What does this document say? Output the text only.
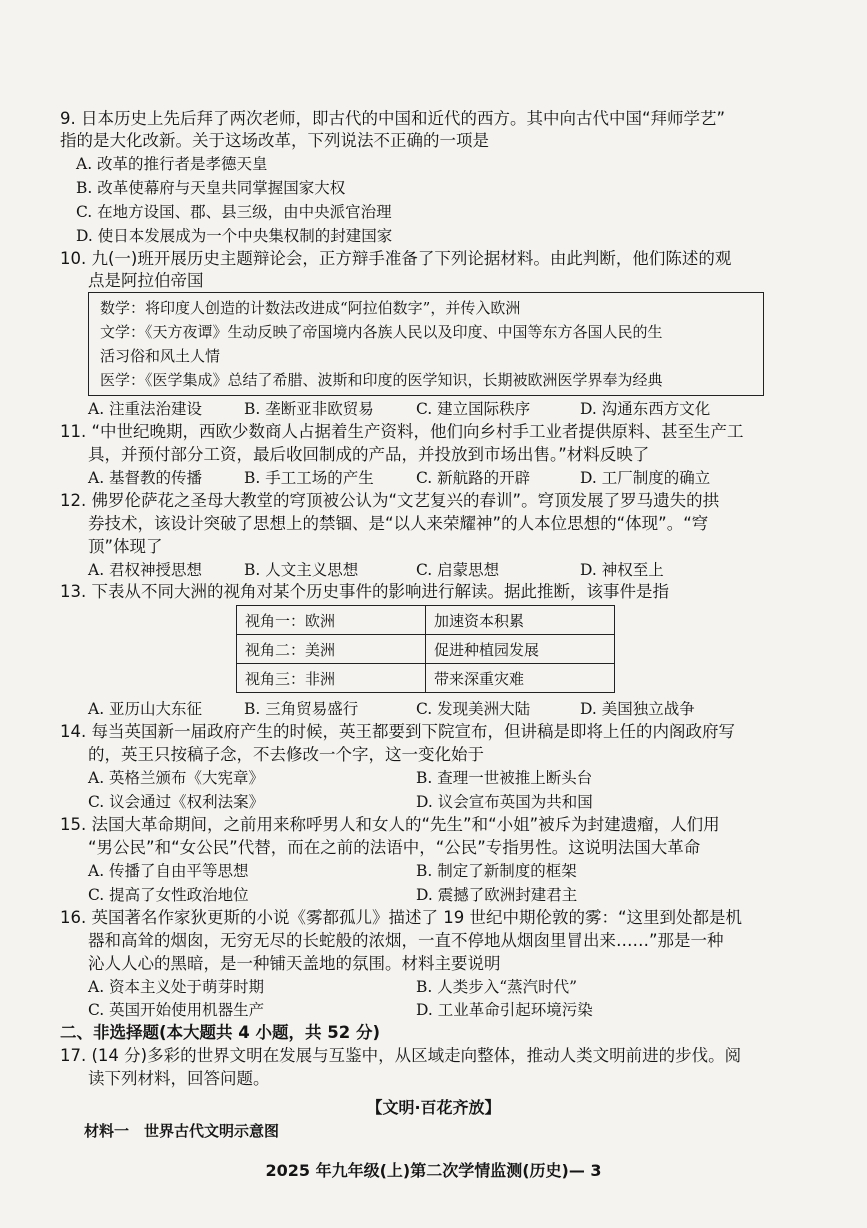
9. 日本历史上先后拜了两次老师，即古代的中国和近代的西方。其中向古代中国“拜师学艺”
指的是大化改新。关于这场改革，下列说法不正确的一项是
A. 改革的推行者是孝德天皇
B. 改革使幕府与天皇共同掌握国家大权
C. 在地方设国、郡、县三级，由中央派官治理
D. 使日本发展成为一个中央集权制的封建国家
10. 九(一)班开展历史主题辩论会，正方辩手准备了下列论据材料。由此判断，他们陈述的观
点是阿拉伯帝国
数学：将印度人创造的计数法改进成“阿拉伯数字”，并传入欧洲
文学：《天方夜谭》生动反映了帝国境内各族人民以及印度、中国等东方各国人民的生
活习俗和风土人情
医学：《医学集成》总结了希腊、波斯和印度的医学知识，长期被欧洲医学界奉为经典
A. 注重法治建设	B. 垄断亚非欧贸易	C. 建立国际秩序	D. 沟通东西方文化
11. “中世纪晚期，西欧少数商人占据着生产资料，他们向乡村手工业者提供原料、甚至生产工
具，并预付部分工资，最后收回制成的产品，并投放到市场出售。”材料反映了
A. 基督教的传播	B. 手工工场的产生	C. 新航路的开辟	D. 工厂制度的确立
12. 佛罗伦萨花之圣母大教堂的穹顶被公认为“文艺复兴的春训”。穹顶发展了罗马遗失的拱
券技术，该设计突破了思想上的禁锢、是“以人来荣耀神”的人本位思想的“体现”。“穹
顶”体现了
A. 君权神授思想	B. 人文主义思想	C. 启蒙思想	D. 神权至上
13. 下表从不同大洲的视角对某个历史事件的影响进行解读。据此推断，该事件是指
视角一：欧洲	加速资本积累
视角二：美洲	促进种植园发展
视角三：非洲	带来深重灾难
A. 亚历山大东征	B. 三角贸易盛行	C. 发现美洲大陆	D. 美国独立战争
14. 每当英国新一届政府产生的时候，英王都要到下院宣布，但讲稿是即将上任的内阁政府写
的，英王只按稿子念，不去修改一个字，这一变化始于
A. 英格兰颁布《大宪章》	B. 查理一世被推上断头台
C. 议会通过《权利法案》	D. 议会宣布英国为共和国
15. 法国大革命期间，之前用来称呼男人和女人的“先生”和“小姐”被斥为封建遗瘤，人们用
“男公民”和“女公民”代替，而在之前的法语中，“公民”专指男性。这说明法国大革命
A. 传播了自由平等思想	B. 制定了新制度的框架
C. 提高了女性政治地位	D. 震撼了欧洲封建君主
16. 英国著名作家狄更斯的小说《雾都孤儿》描述了 19 世纪中期伦敦的雾：“这里到处都是机
器和高耸的烟囱，无穷无尽的长蛇般的浓烟，一直不停地从烟囱里冒出来……”那是一种
沁人人心的黑暗，是一种铺天盖地的氛围。材料主要说明
A. 资本主义处于萌芽时期	B. 人类步入“蒸汽时代”
C. 英国开始使用机器生产	D. 工业革命引起环境污染
二、非选择题(本大题共 4 小题，共 52 分)
17. (14 分)多彩的世界文明在发展与互鉴中，从区域走向整体，推动人类文明前进的步伐。阅
读下列材料，回答问题。
【文明·百花齐放】
材料一　世界古代文明示意图
2025 年九年级(上)第二次学情监测(历史)— 3
